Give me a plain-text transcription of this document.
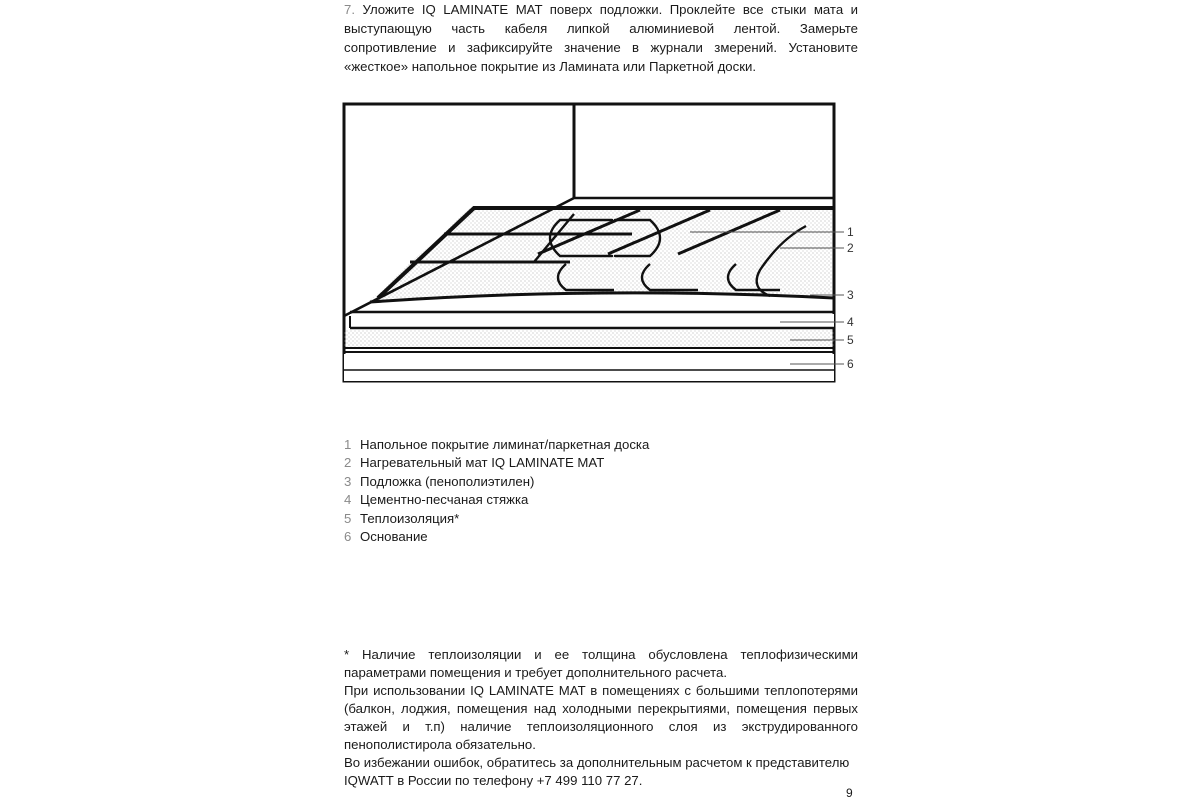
7. Уложите IQ LAMINATE MAT поверх подложки. Проклейте все стыки мата и выступающую часть кабеля липкой алюминиевой лентой. Замерьте сопротивление и зафиксируйте значение в журнали змерений. Установите «жесткое» напольное покрытие из Ламината или Паркетной доски.
1
2
3
4
5
6
1 Напольное покрытие лиминат/паркетная доска
2 Нагревательный мат IQ LAMINATE MAT
3 Подложка (пенополиэтилен)
4 Цементно-песчаная стяжка
5 Теплоизоляция*
6 Основание

* Наличие теплоизоляции и ее толщина обусловлена теплофизическими параметрами помещения и требует дополнительного расчета.

При использовании IQ LAMINATE MAT в помещениях с большими теплопотерями (балкон, лоджия, помещения над холодными перекрытиями, помещения первых этажей и т.п) наличие теплоизоляционного слоя из экструдированного пенополистирола обязательно.

Во избежании ошибок, обратитесь за дополнительным расчетом к представителю IQWATT в России по телефону +7 499 110 77 27.

9
